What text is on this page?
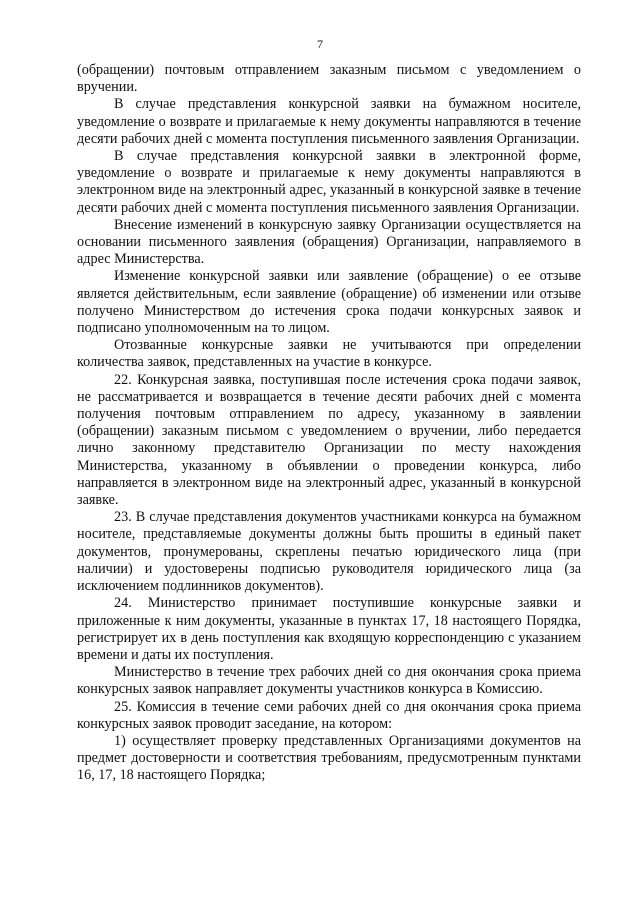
7

(обращении) почтовым отправлением заказным письмом с уведомлением о вручении.

В случае представления конкурсной заявки на бумажном носителе, уведомление о возврате и прилагаемые к нему документы направляются в течение десяти рабочих дней с момента поступления письменного заявления Организации.

В случае представления конкурсной заявки в электронной форме, уведомление о возврате и прилагаемые к нему документы направляются в электронном виде на электронный адрес, указанный в конкурсной заявке в течение десяти рабочих дней с момента поступления письменного заявления Организации.

Внесение изменений в конкурсную заявку Организации осуществляется на основании письменного заявления (обращения) Организации, направляемого в адрес Министерства.

Изменение конкурсной заявки или заявление (обращение) о ее отзыве является действительным, если заявление (обращение) об изменении или отзыве получено Министерством до истечения срока подачи конкурсных заявок и подписано уполномоченным на то лицом.

Отозванные конкурсные заявки не учитываются при определении количества заявок, представленных на участие в конкурсе.

22. Конкурсная заявка, поступившая после истечения срока подачи заявок, не рассматривается и возвращается в течение десяти рабочих дней с момента получения почтовым отправлением по адресу, указанному в заявлении (обращении) заказным письмом с уведомлением о вручении, либо передается лично законному представителю Организации по месту нахождения Министерства, указанному в объявлении о проведении конкурса, либо направляется в электронном виде на электронный адрес, указанный в конкурсной заявке.

23. В случае представления документов участниками конкурса на бумажном носителе, представляемые документы должны быть прошиты в единый пакет документов, пронумерованы, скреплены печатью юридического лица (при наличии) и удостоверены подписью руководителя юридического лица (за исключением подлинников документов).

24. Министерство принимает поступившие конкурсные заявки и приложенные к ним документы, указанные в пунктах 17, 18 настоящего Порядка, регистрирует их в день поступления как входящую корреспонденцию с указанием времени и даты их поступления.

Министерство в течение трех рабочих дней со дня окончания срока приема конкурсных заявок направляет документы участников конкурса в Комиссию.

25. Комиссия в течение семи рабочих дней со дня окончания срока приема конкурсных заявок проводит заседание, на котором:

1) осуществляет проверку представленных Организациями документов на предмет достоверности и соответствия требованиям, предусмотренным пунктами 16, 17, 18 настоящего Порядка;
